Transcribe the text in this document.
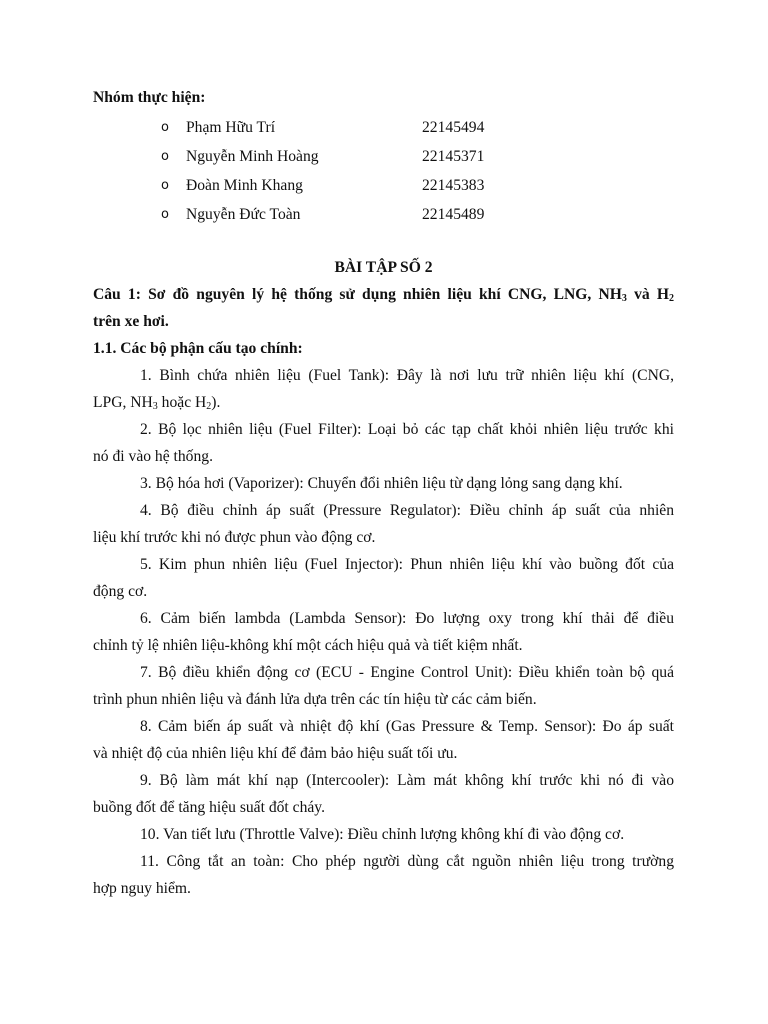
Nhóm thực hiện:
o Phạm Hữu Trí	22145494
o Nguyễn Minh Hoàng	22145371
o Đoàn Minh Khang	22145383
o Nguyễn Đức Toàn	22145489
BÀI TẬP SỐ 2
Câu 1: Sơ đồ nguyên lý hệ thống sử dụng nhiên liệu khí CNG, LNG, $NH_3$ và $H_2$
trên xe hơi.
1.1. Các bộ phận cấu tạo chính:
1. Bình chứa nhiên liệu (Fuel Tank): Đây là nơi lưu trữ nhiên liệu khí (CNG,
LPG, $NH_3$ hoặc $H_2$).
2. Bộ lọc nhiên liệu (Fuel Filter): Loại bỏ các tạp chất khỏi nhiên liệu trước khi
nó đi vào hệ thống.
3. Bộ hóa hơi (Vaporizer): Chuyển đổi nhiên liệu từ dạng lỏng sang dạng khí.
4. Bộ điều chỉnh áp suất (Pressure Regulator): Điều chỉnh áp suất của nhiên
liệu khí trước khi nó được phun vào động cơ.
5. Kim phun nhiên liệu (Fuel Injector): Phun nhiên liệu khí vào buồng đốt của
động cơ.
6. Cảm biến lambda (Lambda Sensor): Đo lượng oxy trong khí thải để điều
chỉnh tỷ lệ nhiên liệu-không khí một cách hiệu quả và tiết kiệm nhất.
7. Bộ điều khiển động cơ (ECU - Engine Control Unit): Điều khiển toàn bộ quá
trình phun nhiên liệu và đánh lửa dựa trên các tín hiệu từ các cảm biến.
8. Cảm biến áp suất và nhiệt độ khí (Gas Pressure & Temp. Sensor): Đo áp suất
và nhiệt độ của nhiên liệu khí để đảm bảo hiệu suất tối ưu.
9. Bộ làm mát khí nạp (Intercooler): Làm mát không khí trước khi nó đi vào
buồng đốt để tăng hiệu suất đốt cháy.
10. Van tiết lưu (Throttle Valve): Điều chỉnh lượng không khí đi vào động cơ.
11. Công tắt an toàn: Cho phép người dùng cắt nguồn nhiên liệu trong trường
hợp nguy hiểm.
